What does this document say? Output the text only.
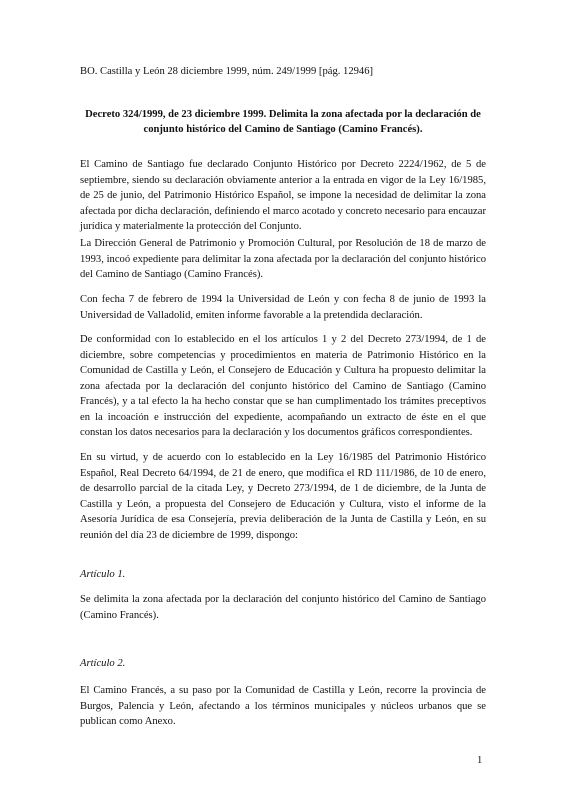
BO. Castilla y León 28 diciembre 1999, núm. 249/1999 [pág. 12946]
Decreto 324/1999, de 23 diciembre 1999. Delimita la zona afectada por la declaración de conjunto histórico del Camino de Santiago (Camino Francés).
El Camino de Santiago fue declarado Conjunto Histórico por Decreto 2224/1962, de 5 de septiembre, siendo su declaración obviamente anterior a la entrada en vigor de la Ley 16/1985, de 25 de junio, del Patrimonio Histórico Español, se impone la necesidad de delimitar la zona afectada por dicha declaración, definiendo el marco acotado y concreto necesario para encauzar jurídica y materialmente la protección del Conjunto.
La Dirección General de Patrimonio y Promoción Cultural, por Resolución de 18 de marzo de 1993, incoó expediente para delimitar la zona afectada por la declaración del conjunto histórico del Camino de Santiago (Camino Francés).
Con fecha 7 de febrero de 1994 la Universidad de León y con fecha 8 de junio de 1993 la Universidad de Valladolid, emiten informe favorable a la pretendida declaración.
De conformidad con lo establecido en el los artículos 1 y 2 del Decreto 273/1994, de 1 de diciembre, sobre competencias y procedimientos en materia de Patrimonio Histórico en la Comunidad de Castilla y León, el Consejero de Educación y Cultura ha propuesto delimitar la zona afectada por la declaración del conjunto histórico del Camino de Santiago (Camino Francés), y a tal efecto la ha hecho constar que se han cumplimentado los trámites preceptivos en la incoación e instrucción del expediente, acompañando un extracto de éste en el que constan los datos necesarios para la declaración y los documentos gráficos correspondientes.
En su virtud, y de acuerdo con lo establecido en la Ley 16/1985 del Patrimonio Histórico Español, Real Decreto 64/1994, de 21 de enero, que modifica el RD 111/1986, de 10 de enero, de desarrollo parcial de la citada Ley, y Decreto 273/1994, de 1 de diciembre, de la Junta de Castilla y León, a propuesta del Consejero de Educación y Cultura, visto el informe de la Asesoría Jurídica de esa Consejería, previa deliberación de la Junta de Castilla y León, en su reunión del día 23 de diciembre de 1999, dispongo:
Artículo 1.
Se delimita la zona afectada por la declaración del conjunto histórico del Camino de Santiago (Camino Francés).
Artículo 2.
El Camino Francés, a su paso por la Comunidad de Castilla y León, recorre la provincia de Burgos, Palencia y León, afectando a los términos municipales y núcleos urbanos que se publican como Anexo.
1
